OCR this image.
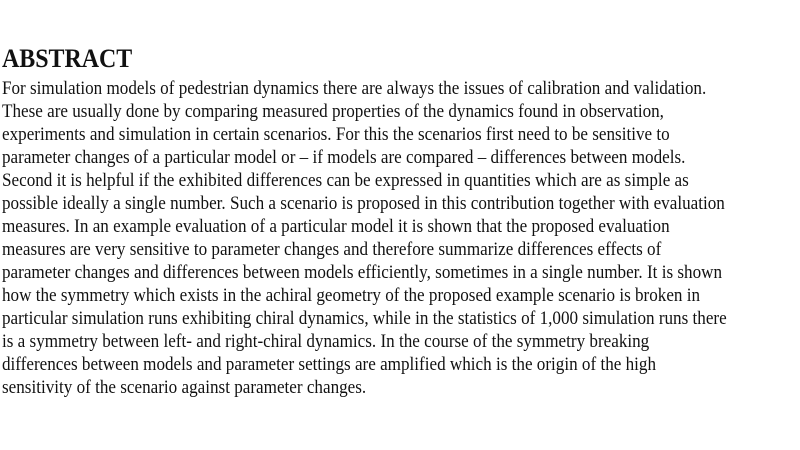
ABSTRACT
For simulation models of pedestrian dynamics there are always the issues of calibration and validation.
These are usually done by comparing measured properties of the dynamics found in observation,
experiments and simulation in certain scenarios. For this the scenarios first need to be sensitive to
parameter changes of a particular model or – if models are compared – differences between models.
Second it is helpful if the exhibited differences can be expressed in quantities which are as simple as
possible ideally a single number. Such a scenario is proposed in this contribution together with evaluation
measures. In an example evaluation of a particular model it is shown that the proposed evaluation
measures are very sensitive to parameter changes and therefore summarize differences effects of
parameter changes and differences between models efficiently, sometimes in a single number. It is shown
how the symmetry which exists in the achiral geometry of the proposed example scenario is broken in
particular simulation runs exhibiting chiral dynamics, while in the statistics of 1,000 simulation runs there
is a symmetry between left- and right-chiral dynamics. In the course of the symmetry breaking
differences between models and parameter settings are amplified which is the origin of the high
sensitivity of the scenario against parameter changes.
